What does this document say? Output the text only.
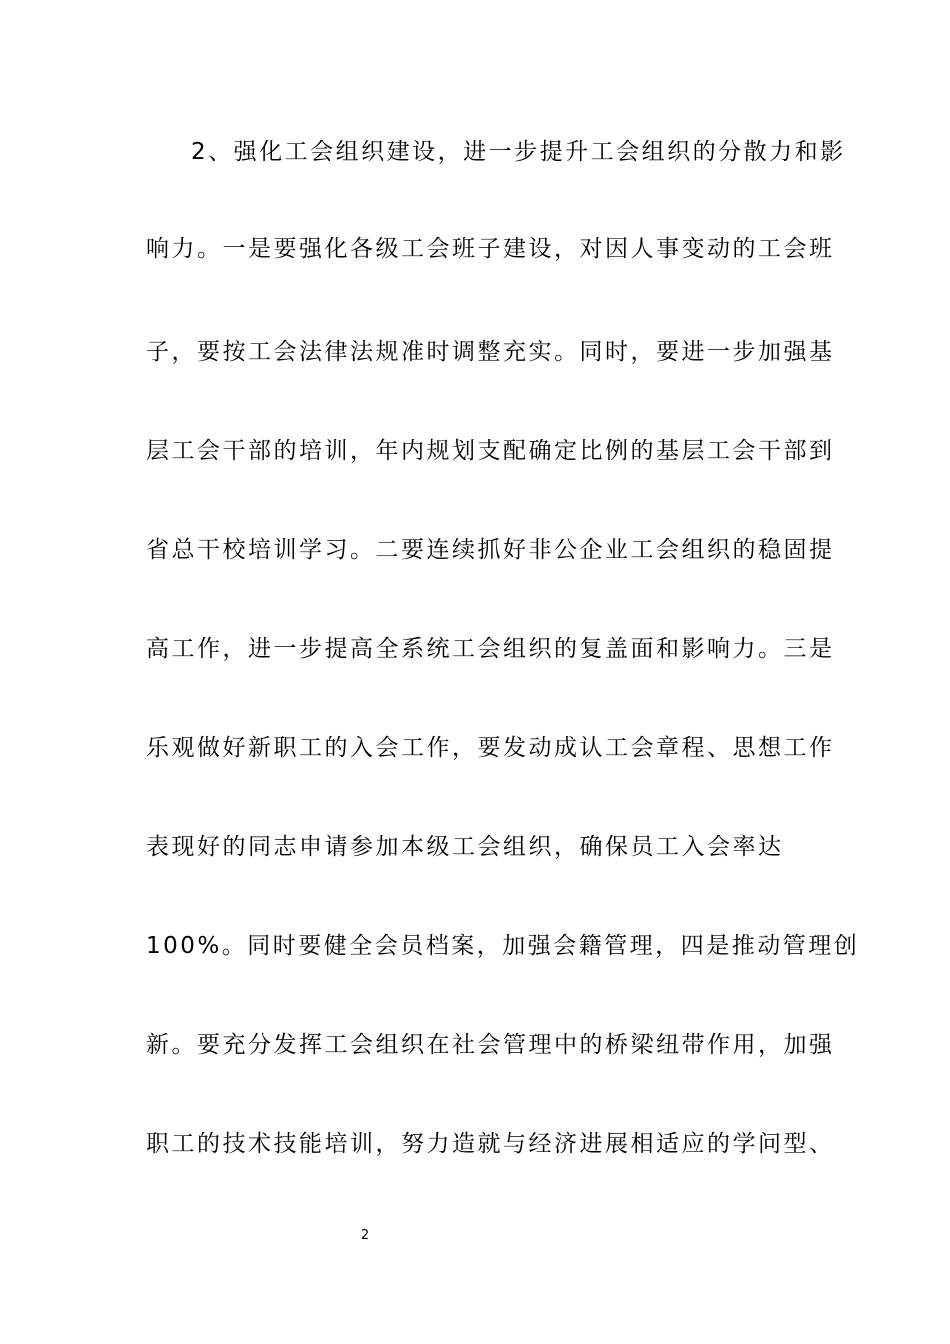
2、强化工会组织建设，进一步提升工会组织的分散力和影
响力。一是要强化各级工会班子建设，对因人事变动的工会班
子，要按工会法律法规准时调整充实。同时，要进一步加强基
层工会干部的培训，年内规划支配确定比例的基层工会干部到
省总干校培训学习。二要连续抓好非公企业工会组织的稳固提
高工作，进一步提高全系统工会组织的复盖面和影响力。三是
乐观做好新职工的入会工作，要发动成认工会章程、思想工作
表现好的同志申请参加本级工会组织，确保员工入会率达
100%。同时要健全会员档案，加强会籍管理，四是推动管理创
新。要充分发挥工会组织在社会管理中的桥梁纽带作用，加强
职工的技术技能培训，努力造就与经济进展相适应的学问型、
2
